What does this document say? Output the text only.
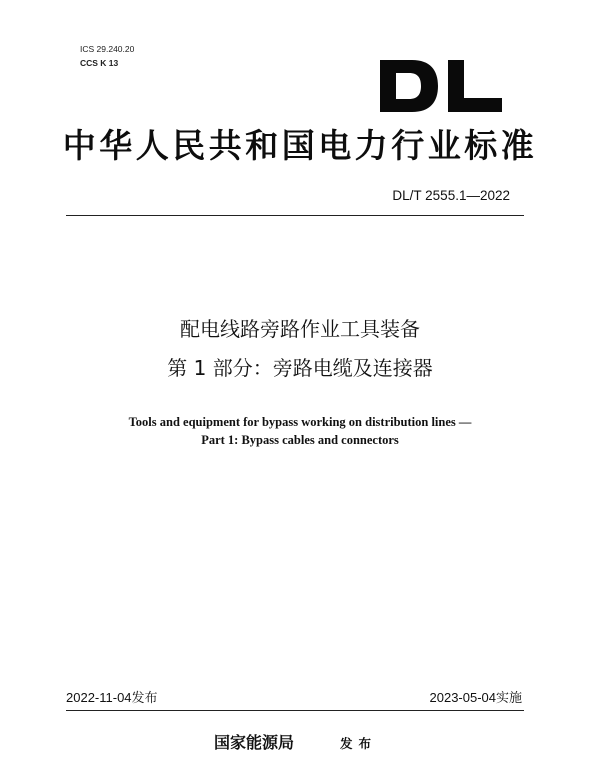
ICS 29.240.20
CCS K 13
中华人民共和国电力行业标准
DL/T 2555.1—2022
配电线路旁路作业工具装备
第 1 部分：旁路电缆及连接器
Tools and equipment for bypass working on distribution lines —
Part 1: Bypass cables and connectors
2022-11-04发布	2023-05-04实施
国家能源局	发布
